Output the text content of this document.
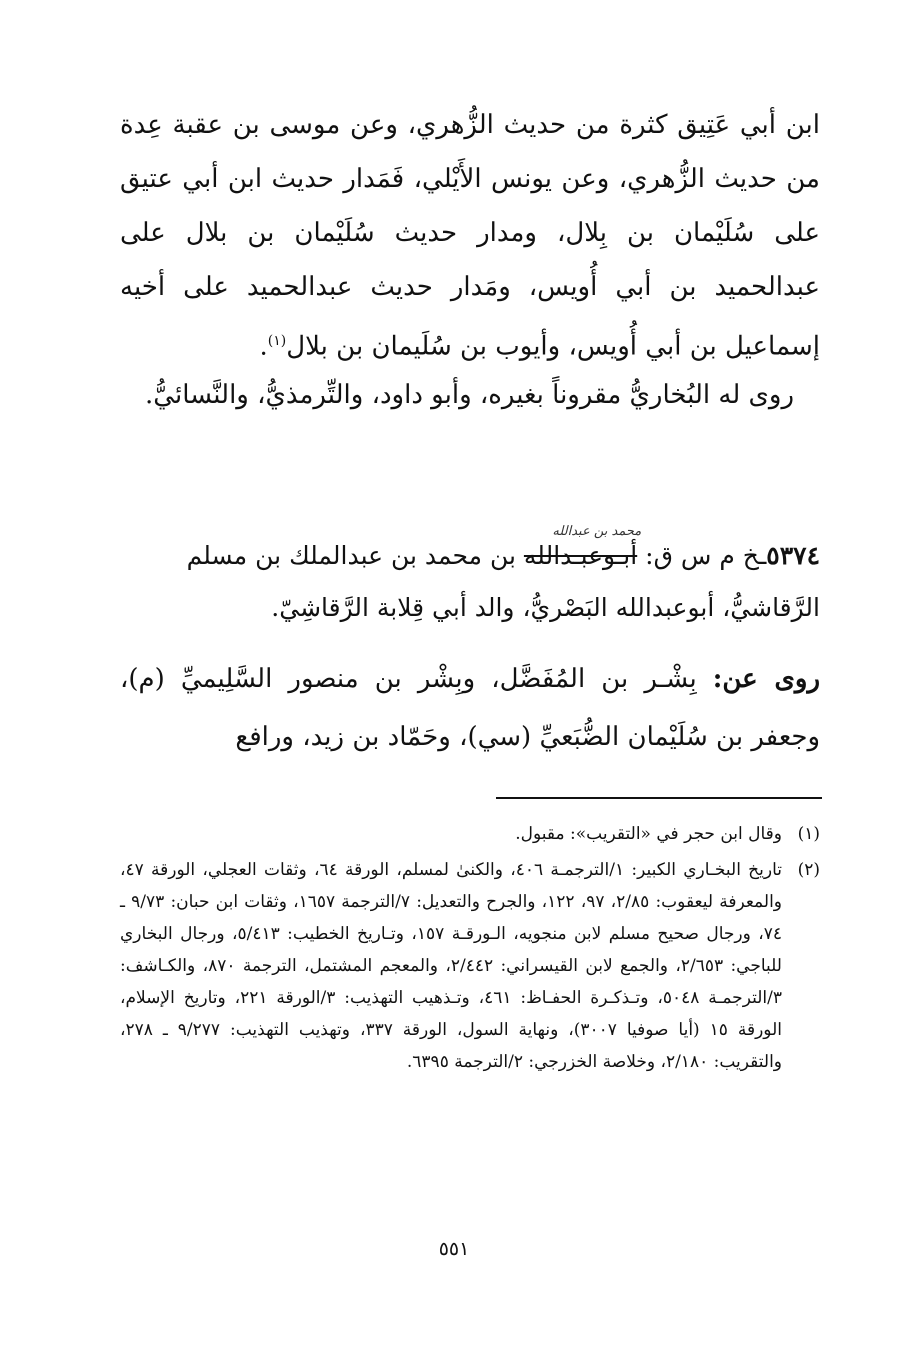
ابن أبي عَتِيق كثرة من حديث الزُّهري، وعن موسى بن عقبة عِدة من حديث الزُّهري، وعن يونس الأَيْلي، فَمَدار حديث ابن أبي عتيق على سُلَيْمان بن بِلال، ومدار حديث سُلَيْمان بن بلال على عبدالحميد بن أبي أُويس، ومَدار حديث عبدالحميد على أخيه إسماعيل بن أبي أُويس، وأيوب بن سُلَيمان بن بلال$^{(١)}$.
روى له البُخاريُّ مقروناً بغيره، وأبو داود، والتِّرمذيُّ، والنَّسائيُّ.
٥٣٧٤ـخ م س ق:
محمد بن عبدالله
أبـوعبـدالله بن محمد بن عبدالملك بن مسلم الرَّقاشيُّ، أبوعبدالله البَصْريُّ، والد أبي قِلابة الرَّقاشِيّ.
روى عن: بِشْـر بن المُفَضَّل، وبِشْر بن منصور السَّلِيميِّ (م)، وجعفر بن سُلَيْمان الضُّبَعيِّ (سي)، وحَمّاد بن زيد، ورافع
(١)
وقال ابن حجر في «التقريب»: مقبول.
(٢)
تاريخ البخـاري الكبير: ١/الترجمـة ٤٠٦، والكنىٰ لمسلم، الورقة ٦٤، وثقات العجلي، الورقة ٤٧، والمعرفة ليعقوب: ٢/٨٥، ٩٧، ١٢٢، والجرح والتعديل: ٧/الترجمة ١٦٥٧، وثقات ابن حبان: ٩/٧٣ ـ ٧٤، ورجال صحيح مسلم لابن منجويه، الـورقـة ١٥٧، وتـاريخ الخطيب: ٥/٤١٣، ورجال البخاري للباجي: ٢/٦٥٣، والجمع لابن القيسراني: ٢/٤٤٢، والمعجم المشتمل، الترجمة ٨٧٠، والكـاشف: ٣/الترجمـة ٥٠٤٨، وتـذكـرة الحفـاظ: ٤٦١، وتـذهيب التهذيب: ٣/الورقة ٢٢١، وتاريخ الإسلام، الورقة ١٥ (أيا صوفيا ٣٠٠٧)، ونهاية السول، الورقة ٣٣٧، وتهذيب التهذيب: ٩/٢٧٧ ـ ٢٧٨، والتقريب: ٢/١٨٠، وخلاصة الخزرجي: ٢/الترجمة ٦٣٩٥.
٥٥١
